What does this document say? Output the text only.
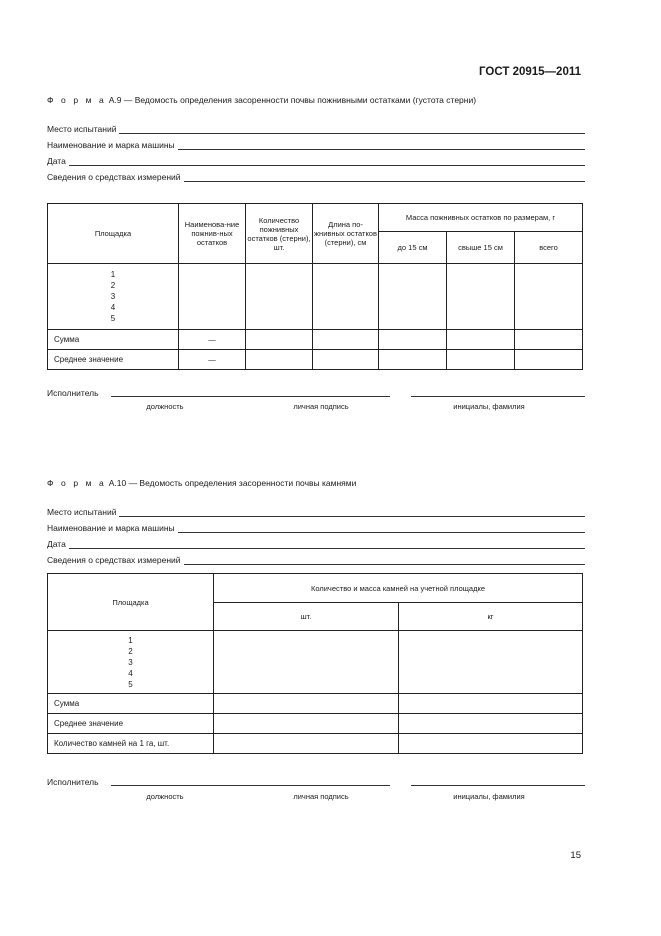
ГОСТ 20915—2011
Ф о р м а А.9 — Ведомость определения засоренности почвы пожнивными остатками (густота стерни)
Место испытаний
Наименование и марка машины
Дата
Сведения о средствах измерений
Площадка	Наименова-ние пожнив-ных остатков	Количество пожнивных остатков (стерни), шт.	Длина по-жнивных остатков (стерни), см	Масса пожнивных остатков по размерам, г		
				до 15 см	свыше 15 см	всего

1
2
3
4
5						

Сумма	—					
Среднее значение	—					
Исполнитель
должность	личная подпись	инициалы, фамилия
Ф о р м а А.10 — Ведомость определения засоренности почвы камнями
Место испытаний
Наименование и марка машины
Дата
Сведения о средствах измерений
Площадка	Количество и масса камней на учетной площадке	
	шт.	кг

1
2
3
4
5		

Сумма		
Среднее значение		
Количество камней на 1 га, шт.		
Исполнитель
должность	личная подпись	инициалы, фамилия
15
